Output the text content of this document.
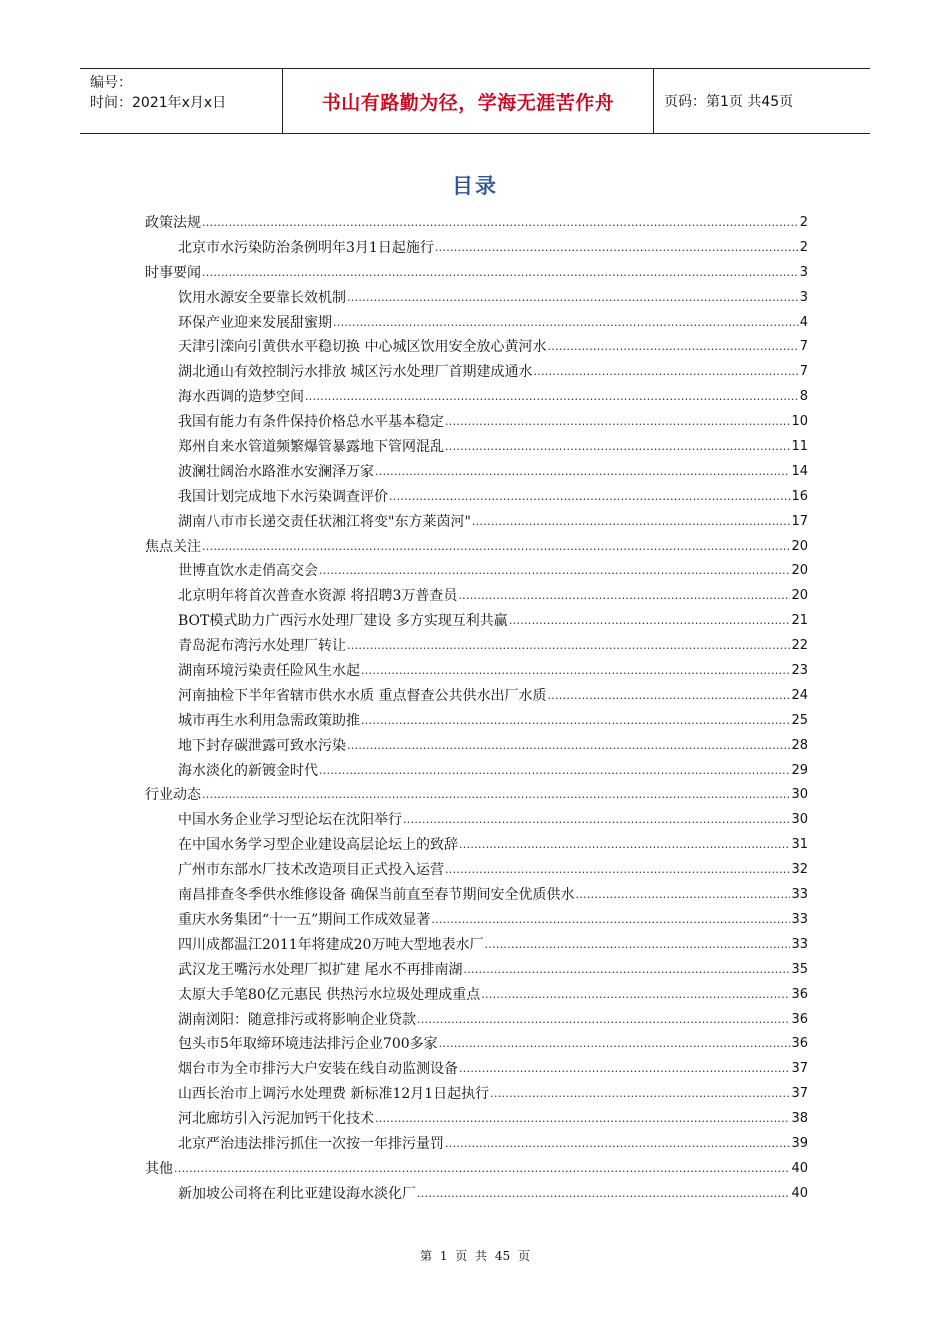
编号：
时间：2021年x月x日	书山有路勤为径，学海无涯苦作舟	页码：第1页 共45页
目录
政策法规 .....	2
北京市水污染防治条例明年3月1日起施行 .....	2
时事要闻 .....	3
饮用水源安全要靠长效机制 .....	3
环保产业迎来发展甜蜜期 .....	4
天津引滦向引黄供水平稳切换 中心城区饮用安全放心黄河水 .....	7
湖北通山有效控制污水排放 城区污水处理厂首期建成通水 .....	7
海水西调的造梦空间 .....	8
我国有能力有条件保持价格总水平基本稳定 .....	10
郑州自来水管道频繁爆管暴露地下管网混乱 .....	11
波澜壮阔治水路淮水安澜泽万家 .....	14
我国计划完成地下水污染调查评价 .....	16
湖南八市市长递交责任状湘江将变"东方莱茵河" .....	17
焦点关注 .....	20
世博直饮水走俏高交会 .....	20
北京明年将首次普查水资源 将招聘3万普查员 .....	20
BOT模式助力广西污水处理厂建设 多方实现互利共赢 .....	21
青岛泥布湾污水处理厂转让 .....	22
湖南环境污染责任险风生水起 .....	23
河南抽检下半年省辖市供水水质 重点督查公共供水出厂水质 .....	24
城市再生水利用急需政策助推 .....	25
地下封存碳泄露可致水污染 .....	28
海水淡化的新镀金时代 .....	29
行业动态 .....	30
中国水务企业学习型论坛在沈阳举行 .....	30
在中国水务学习型企业建设高层论坛上的致辞 .....	31
广州市东部水厂技术改造项目正式投入运营 .....	32
南昌排查冬季供水维修设备 确保当前直至春节期间安全优质供水 .....	33
重庆水务集团“十一五”期间工作成效显著 .....	33
四川成都温江2011年将建成20万吨大型地表水厂 .....	33
武汉龙王嘴污水处理厂拟扩建 尾水不再排南湖 .....	35
太原大手笔80亿元惠民 供热污水垃圾处理成重点 .....	36
湖南浏阳：随意排污或将影响企业贷款 .....	36
包头市5年取缔环境违法排污企业700多家 .....	36
烟台市为全市排污大户安装在线自动监测设备 .....	37
山西长治市上调污水处理费 新标准12月1日起执行 .....	37
河北廊坊引入污泥加钙干化技术 .....	38
北京严治违法排污抓住一次按一年排污量罚 .....	39
其他 .....	40
新加坡公司将在利比亚建设海水淡化厂 .....	40
第 1 页 共 45 页
